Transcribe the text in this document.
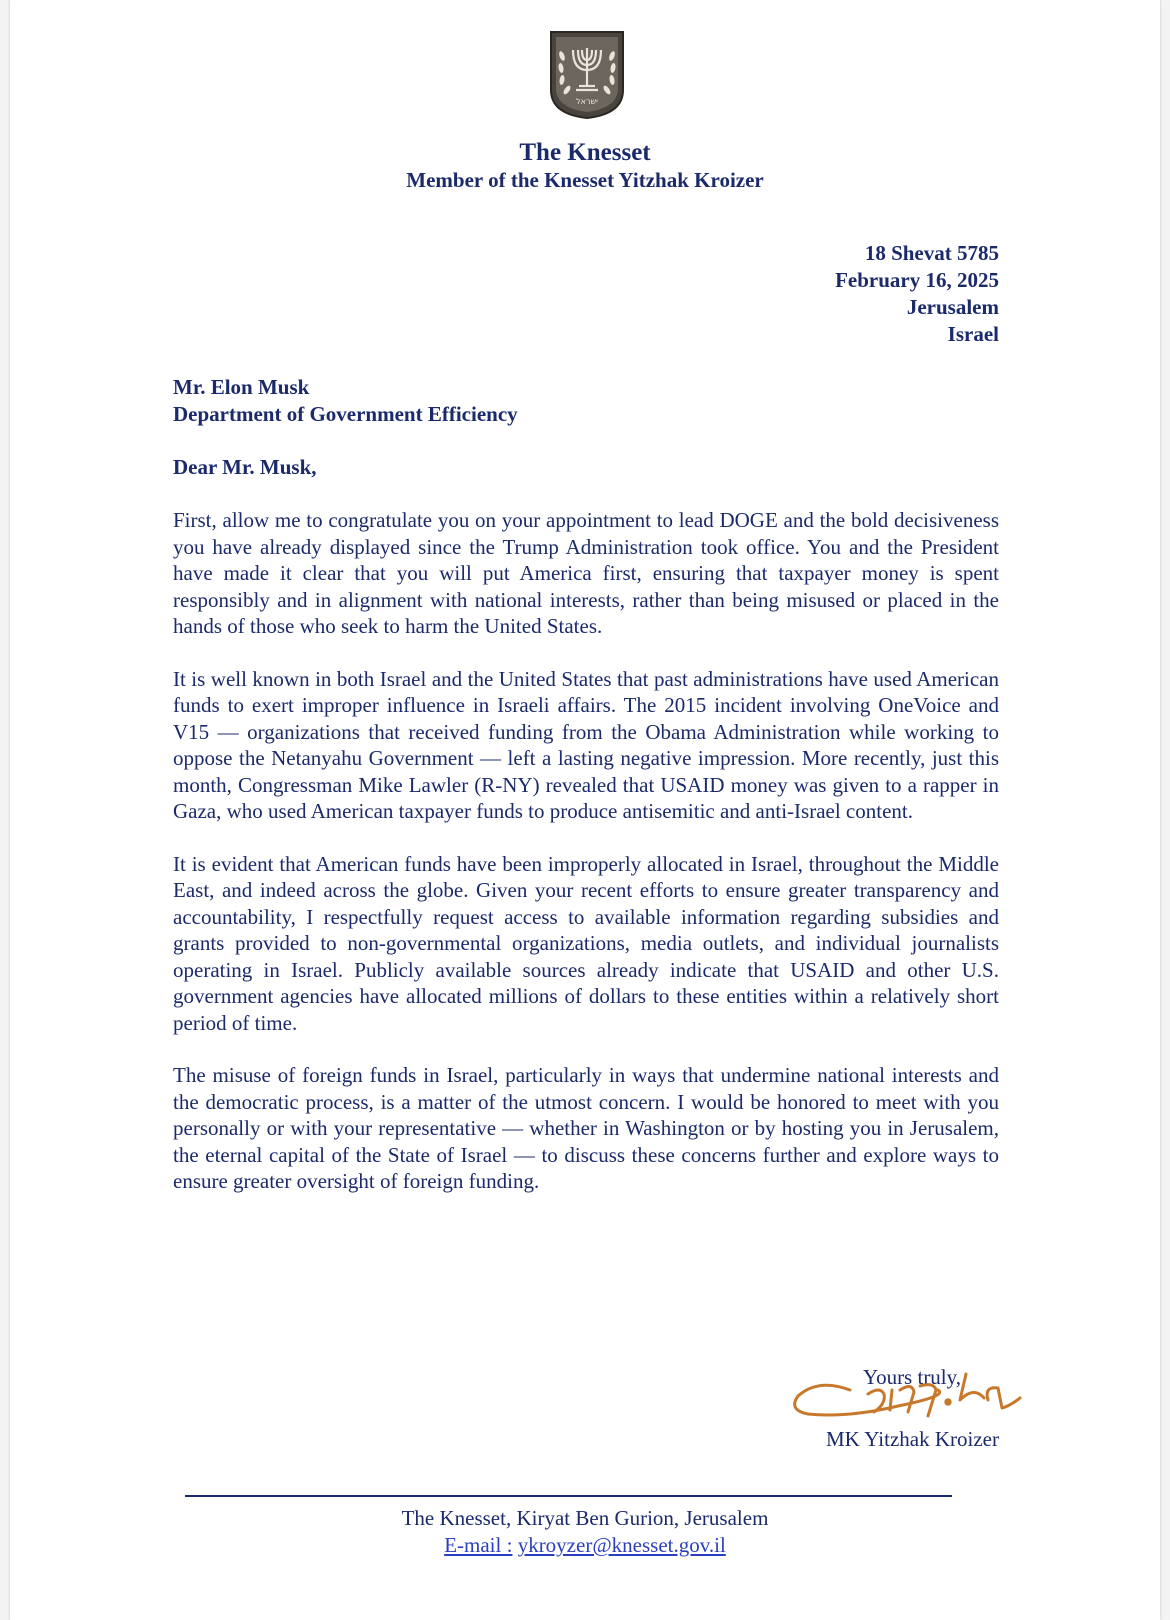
ישראל
The Knesset
Member of the Knesset Yitzhak Kroizer
18 Shevat 5785
February 16, 2025
Jerusalem
Israel
Mr. Elon Musk
Department of Government Efficiency
Dear Mr. Musk,

First, allow me to congratulate you on your appointment to lead DOGE and the bold decisiveness you have already displayed since the Trump Administration took office. You and the President have made it clear that you will put America first, ensuring that taxpayer money is spent responsibly and in alignment with national interests, rather than being misused or placed in the hands of those who seek to harm the United States.

It is well known in both Israel and the United States that past administrations have used American funds to exert improper influence in Israeli affairs. The 2015 incident involving OneVoice and V15 — organizations that received funding from the Obama Administration while working to oppose the Netanyahu Government — left a lasting negative impression. More recently, just this month, Congressman Mike Lawler (R-NY) revealed that USAID money was given to a rapper in Gaza, who used American taxpayer funds to produce antisemitic and anti-Israel content.

It is evident that American funds have been improperly allocated in Israel, throughout the Middle East, and indeed across the globe. Given your recent efforts to ensure greater transparency and accountability, I respectfully request access to available information regarding subsidies and grants provided to non-governmental organizations, media outlets, and individual journalists operating in Israel. Publicly available sources already indicate that USAID and other U.S. government agencies have allocated millions of dollars to these entities within a relatively short period of time.

The misuse of foreign funds in Israel, particularly in ways that undermine national interests and the democratic process, is a matter of the utmost concern. I would be honored to meet with you personally or with your representative — whether in Washington or by hosting you in Jerusalem, the eternal capital of the State of Israel — to discuss these concerns further and explore ways to ensure greater oversight of foreign funding.

Yours truly,
MK Yitzhak Kroizer
The Knesset, Kiryat Ben Gurion, Jerusalem
E-mail : ykroyzer@knesset.gov.il
